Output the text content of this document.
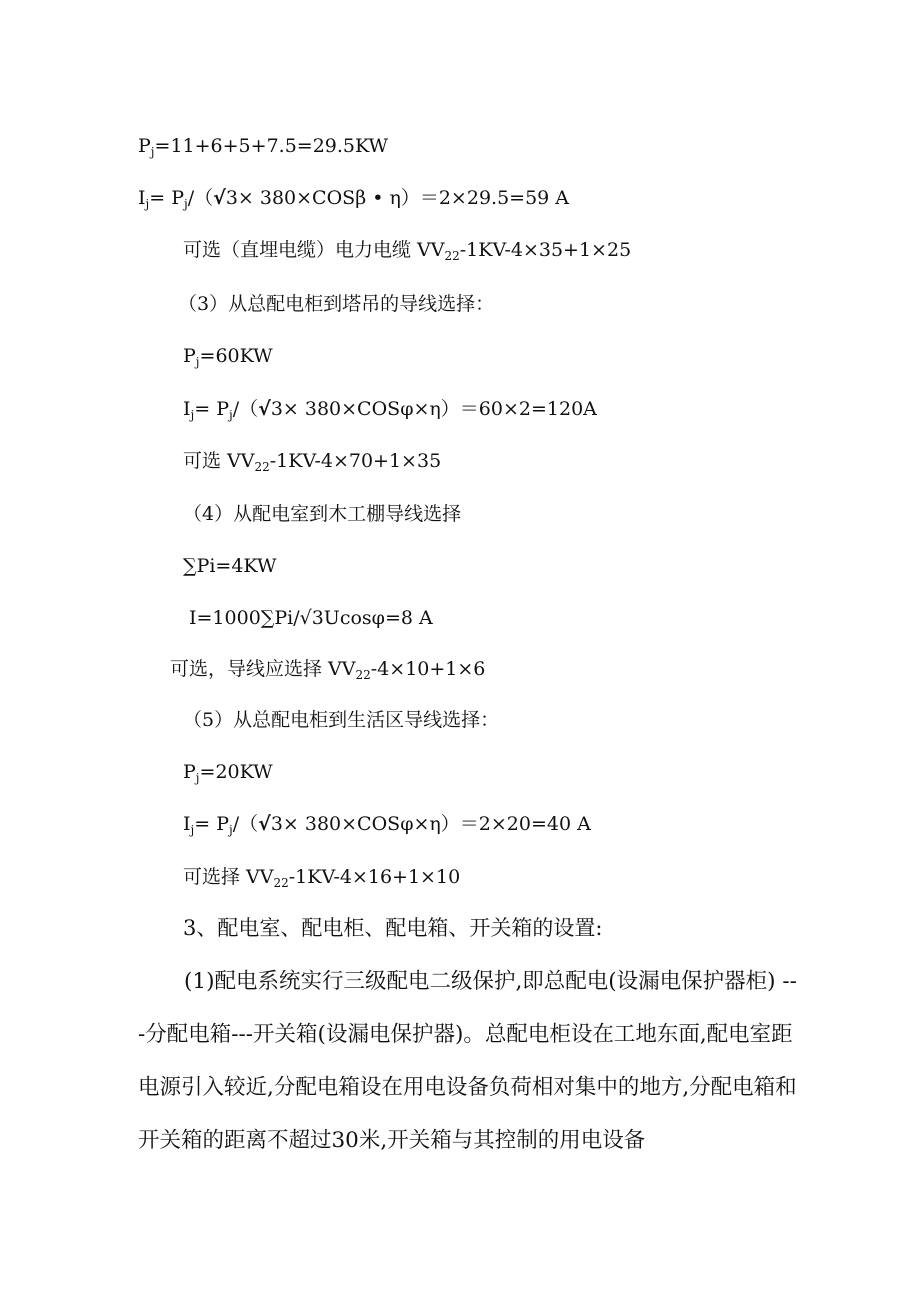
$P_j=11+6+5+7.5=29.5KW$
$I_j= P_j/(√3\times 380\times COS\beta$ • η）＝2×29.5=59 A
可选（直埋电缆）电力电缆 $VV_{22}-1KV-4\times 35+1\times 25$
（3）从总配电柜到塔吊的导线选择：
$P_j=60KW$
$I_j= P_j/(√3\times 380\times COS\varphi\times\eta)=60\times 2=120A$
可选 $VV_{22}-1KV-4\times 70+1\times 35$
（4）从配电室到木工棚导线选择
∑Pi=4KW
I=1000∑Pi/√3Ucosφ=8 A
可选，导线应选择 $VV_{22}-4\times 10+1\times 6$
（5）从总配电柜到生活区导线选择：
$P_j=20KW$
$I_j= P_j/(√3\times 380\times COS\varphi\times\eta)=2\times 20=40$ A
可选择 $VV_{22}-1KV-4\times 16+1\times 10$
3、配电室、配电柜、配电箱、开关箱的设置:
(1)配电系统实行三级配电二级保护,即总配电(设漏电保护器柜) ---分配电箱---开关箱(设漏电保护器)。总配电柜设在工地东面,配电室距电源引入较近,分配电箱设在用电设备负荷相对集中的地方,分配电箱和开关箱的距离不超过30米,开关箱与其控制的用电设备
